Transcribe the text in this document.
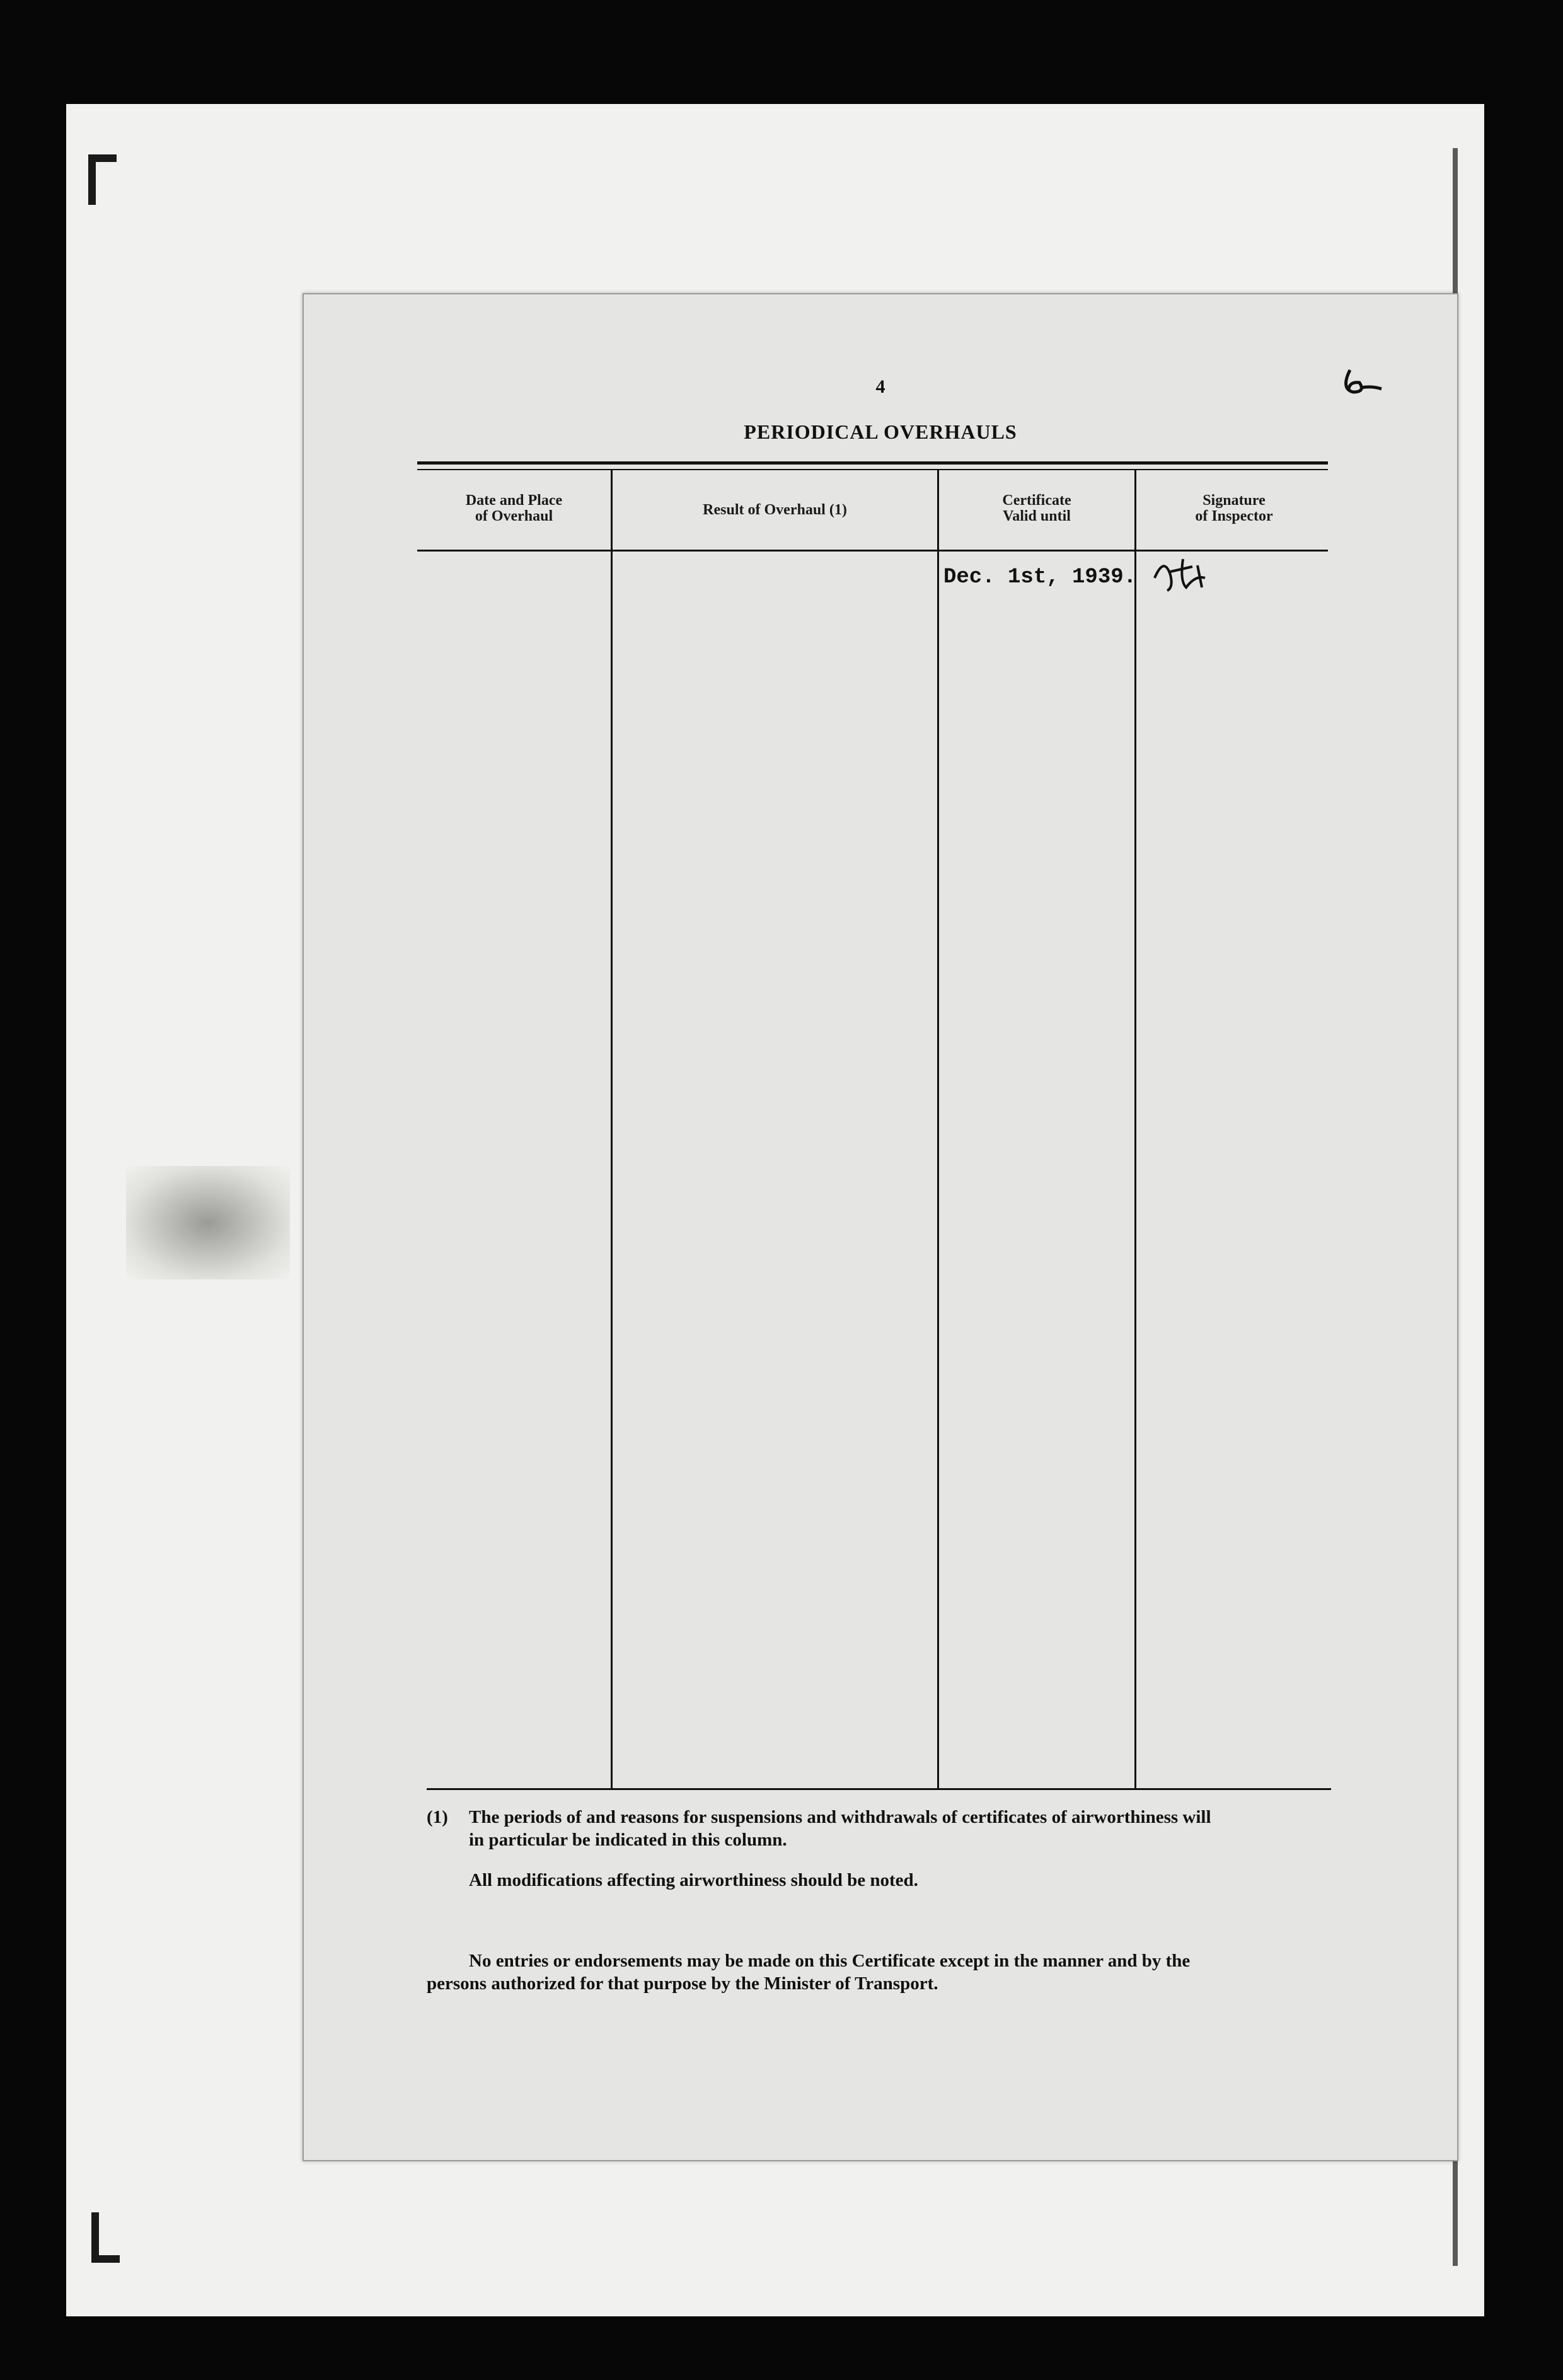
4
PERIODICAL OVERHAULS
Date and Place
of Overhaul	Result of Overhaul (1)
Certificate
Valid until
Signature
of Inspector
Dec. 1st, 1939.
(1) The periods of and reasons for suspensions and withdrawals of certificates of airworthiness will
in particular be indicated in this column.
All modifications affecting airworthiness should be noted.
No entries or endorsements may be made on this Certificate except in the manner and by the
persons authorized for that purpose by the Minister of Transport.
